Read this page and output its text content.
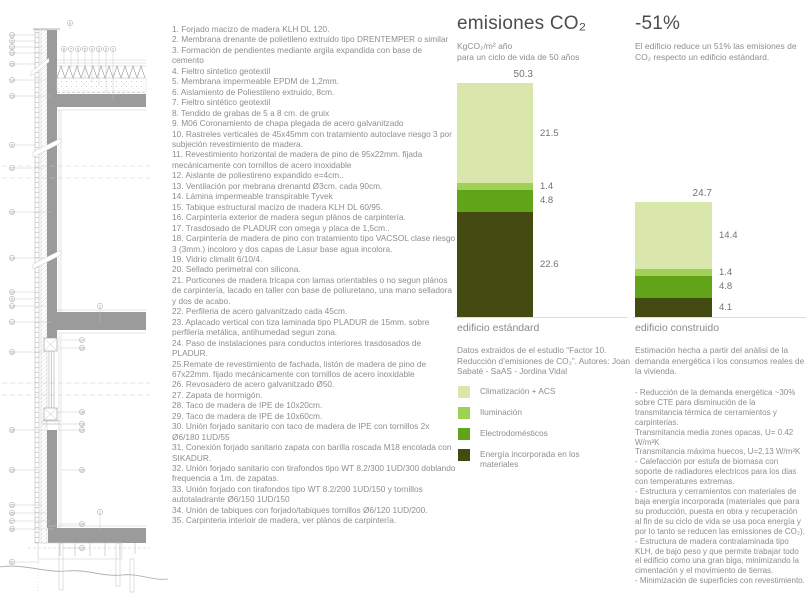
8 7 6 5 4 3 2 1
9
10
11
12
13
25
14
15
11
12
15
14
10
11
13
12
16
18
15
22
26
27
28
31
1
17
23
18
19
20
35
1
30
33
1. Forjado macizo de madera KLH DL 120.
2. Membrana drenante de polietileno extruido tipo DRENTEMPER o similar
3. Formación de pendientes mediante argila expandida con base de cemento
4. Fieltro sintetico geotextil
5. Membrana impermeable EPDM de 1,2mm.
6. Aislamiento de Poliestileno extruido, 8cm.
7. Fieltro sintético geotextil
8. Tendido de grabas de 5 a 8 cm. de gruix
9. M06 Coronamiento de chapa plegada de acero galvanitzado
10. Rastreles verticales de 45x45mm con tratamiento autoclave riesgo 3 por subjeción revestimiento de madera.
11. Revestimiento horizontal de madera de pino de 95x22mm. fijada mecánicamente con tornillos de acero inoxidable
12. Aislante de poliestireno expandido e=4cm..
13. Ventilación por mebrana drenantd Ø3cm. cada 90cm.
14. Lámina impermeable transpirable Tyvek
15. Tabique estructural macizo de madera KLH DL 60/95.
16. Carpintería exterior de madera segun plános de carpintería.
17. Trasdosado de PLADUR con omega y placa de 1,5cm..
18. Carpintería de madera de pino con tratamiento tipo VACSOL clase riesgo 3 (3mm.) incoloro y dos capas de Lasur base agua incolora.
19. Vidrio climalit 6/10/4.
20. Sellado perimetral con silicona.
21. Porticones de madera tricapa con lamas orientables o no segun plános de carpintería, lacado en taller con base de poliuretano, una mano selladora y dos de acabo.
22. Perfileria de acero galvanitzado cada 45cm.
23. Aplacado vertical con tiza laminada tipo PLADUR de 15mm. sobre perfileria metálica, antihumedad segun zona.
24. Paso de instalaciones para conductos interiores trasdosados de PLADUR.
25.Remate de revestimiento de fachada, listón de madera de pino de 67x22mm. fijado mecánicamente con tornillos de acero inoxidable
26. Revosadero de acero galvanitzado Ø50.
27. Zapata de hormigón.
28. Taco de madera de IPE de 10x20cm.
29. Taco de madera de IPE de 10x60cm.
30. Unión forjado sanitario con taco de madera de IPE con tornillos 2x Ø6/180 1UD/55
31. Conexión forjado sanitario zapata con barilla roscada M18 encolada con SIKADUR.
32. Unión forjado sanitario con tirafondos tipo WT 8.2/300 1UD/300 doblando frequencia a 1m. de zapatas.
33. Unión forjado con tirafondos tipo WT 8.2/200 1UD/150 y tornillos autotaladrante Ø6/150 1UD/150
34. Unión de tabiques con forjado/tabiques tornillos Ø6/120 1UD/200.
35. Carpinteria interioir de madera, ver plános de carpintería.
emisiones CO₂
KgCO₂/m² año
para un ciclo de vida de 50 años
-51%
El edificio reduce un 51% las emisiones de CO₂ respecto un edificio estándard.
21.5
1.4
4.8
22.6
50.3
14.4
1.4
4.8
4.1
24.7
edificio estándard	edificio construido
Datos extraidos de el estudio “Factor 10. Reducción d’emisiones de CO₂”. Autores: Joan Sabaté - SaAS - Jordina Vidal
Climatización + ACS
Iluminación
Electrodomésticos
Energía incorporada en los materiales
Estimación hecha a partir del anàlisi de la demanda energética i los consumos reales de la vivienda.
- Reducción de la demanda energética ~30% sobre CTE para disminución de la transmitancia térmica de cerramientos y carpinterias.
Transmitancia media zones opacas, U= 0.42 W/m²K
Transmitancia máxima huecos, U=2.13 W/m²K
- Calefacción por estufa de biomasa con soporte de radiadores electricos para los dias con temperatures extremas.
- Estructura y cerramientos con materiales de baja energía incorporada (materiales que para su producción, puesta en obra y recuperación al fin de su ciclo de vida se usa poca energía y por lo tanto se reducen las emissiones de CO₂).
- Estructura de madera contralaminada tipo KLH, de bajo peso y que permite trabajar todo el edificio como una gran biga, minimizando la cimentación y el movimiento de tierras.
- Minimización de superficies con revestimiento.
